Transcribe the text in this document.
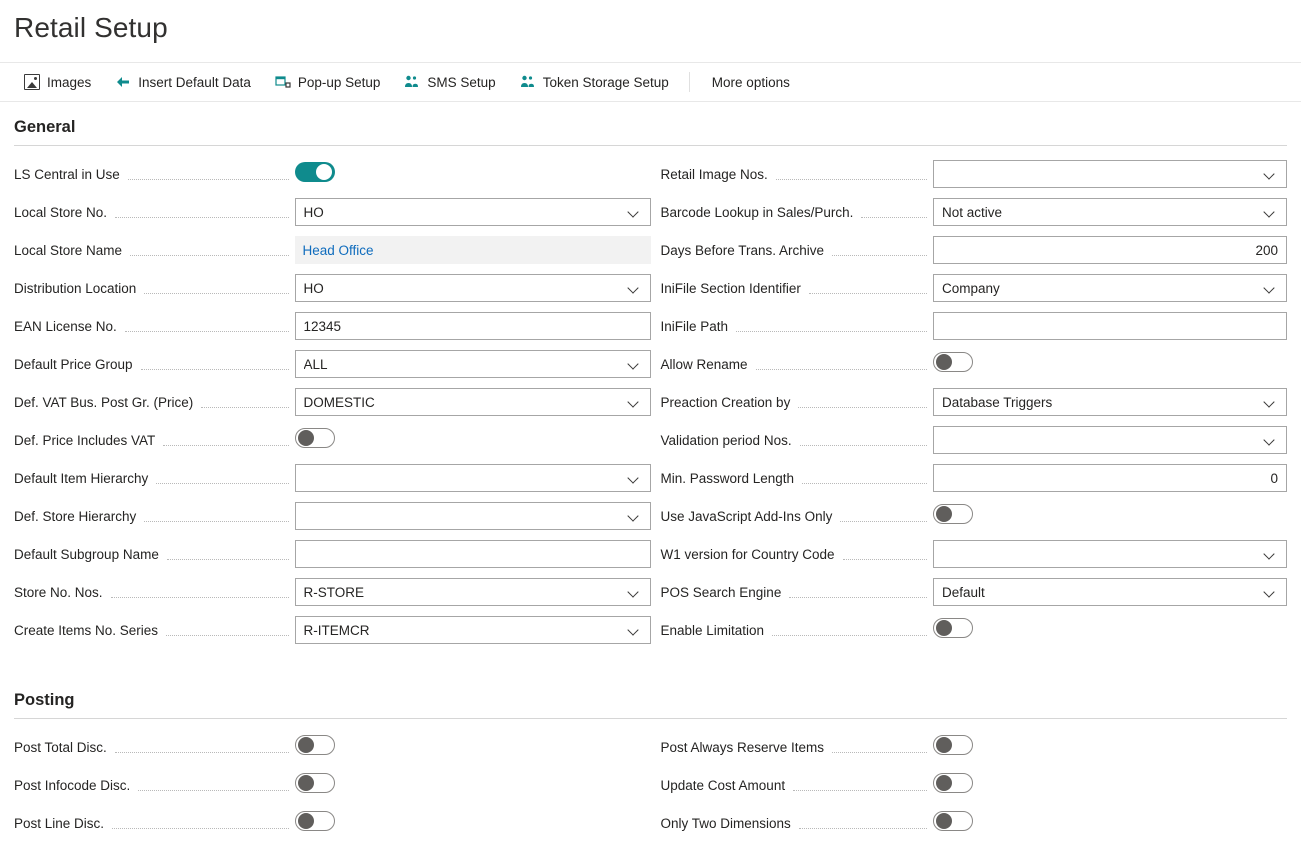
Retail Setup
Images	Insert Default Data	Pop-up Setup	SMS Setup	Token Storage Setup	More options
General
LS Central in Use
Local Store No.	HO
Local Store Name	Head Office
Distribution Location	HO
EAN License No.	12345
Default Price Group	ALL
Def. VAT Bus. Post Gr. (Price)	DOMESTIC
Def. Price Includes VAT
Default Item Hierarchy
Def. Store Hierarchy
Default Subgroup Name
Store No. Nos.	R-STORE
Create Items No. Series	R-ITEMCR
Retail Image Nos.
Barcode Lookup in Sales/Purch.	Not active
Days Before Trans. Archive	200
IniFile Section Identifier	Company
IniFile Path
Allow Rename
Preaction Creation by	Database Triggers
Validation period Nos.
Min. Password Length	0
Use JavaScript Add-Ins Only
W1 version for Country Code
POS Search Engine	Default
Enable Limitation
Posting
Post Total Disc.
Post Infocode Disc.
Post Line Disc.
Post Always Reserve Items
Update Cost Amount
Only Two Dimensions
